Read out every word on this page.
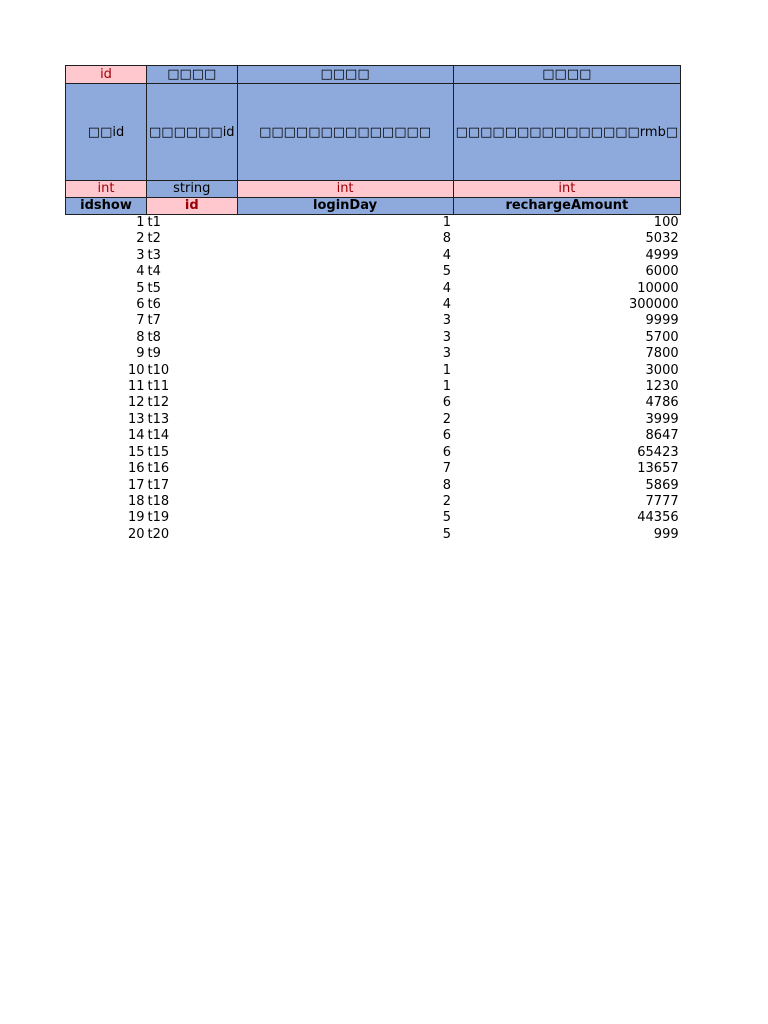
id	□□□□	□□□□	□□□□
□□id	□□□□□□id	□□□□□□□□□□□□□□	□□□□□□□□□□□□□□□rmb□
int	string	int	int
idshow	id	loginDay	rechargeAmount
1	t1	1	100
2	t2	8	5032
3	t3	4	4999
4	t4	5	6000
5	t5	4	10000
6	t6	4	300000
7	t7	3	9999
8	t8	3	5700
9	t9	3	7800
10	t10	1	3000
11	t11	1	1230
12	t12	6	4786
13	t13	2	3999
14	t14	6	8647
15	t15	6	65423
16	t16	7	13657
17	t17	8	5869
18	t18	2	7777
19	t19	5	44356
20	t20	5	999
